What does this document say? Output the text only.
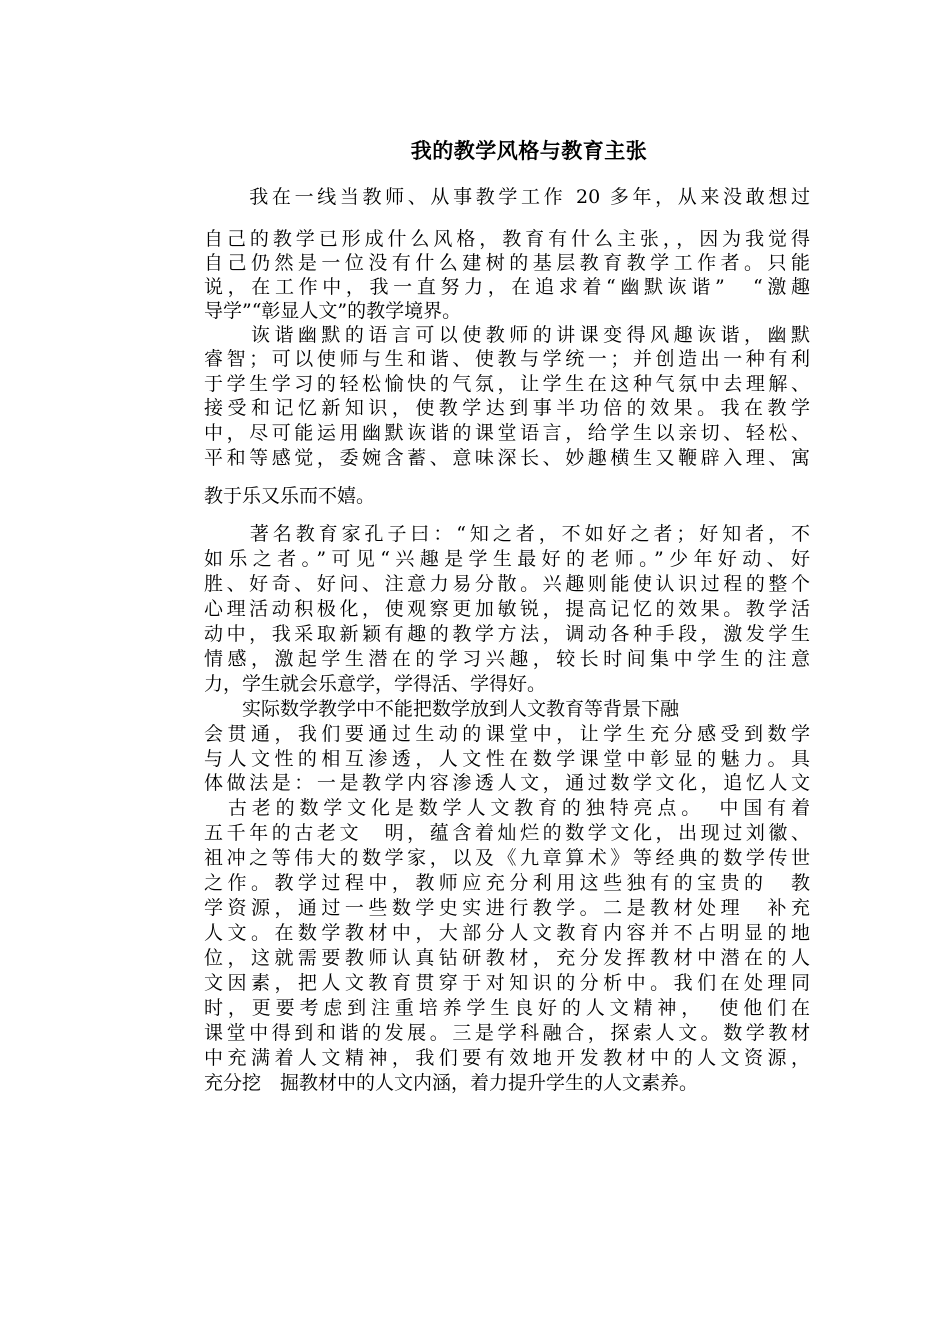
我的教学风格与教育主张
　　我在一线当教师、从事教学工作 20 多年，从来没敢想过
自己的教学已形成什么风格，教育有什么主张，，因为我觉得
自己仍然是一位没有什么建树的基层教育教学工作者。只能
说，在工作中，我一直努力，在追求着“幽默诙谐”　“激趣
导学”“彰显人文”的教学境界。
　　诙谐幽默的语言可以使教师的讲课变得风趣诙谐，幽默
睿智；可以使师与生和谐、使教与学统一；并创造出一种有利
于学生学习的轻松愉快的气氛，让学生在这种气氛中去理解、
接受和记忆新知识，使教学达到事半功倍的效果。我在教学
中，尽可能运用幽默诙谐的课堂语言，给学生以亲切、轻松、
平和等感觉，委婉含蓄、意味深长、妙趣横生又鞭辟入理、寓
教于乐又乐而不嬉。
　　著名教育家孔子曰：“知之者，不如好之者；好知者，不
如乐之者。”可见“兴趣是学生最好的老师。”少年好动、好
胜、好奇、好问、注意力易分散。兴趣则能使认识过程的整个
心理活动积极化，使观察更加敏锐，提高记忆的效果。教学活
动中，我采取新颖有趣的教学方法，调动各种手段，激发学生
情感，激起学生潜在的学习兴趣，较长时间集中学生的注意
力，学生就会乐意学，学得活、学得好。
　　实际数学教学中不能把数学放到人文教育等背景下融
会贯通，我们要通过生动的课堂中，让学生充分感受到数学
与人文性的相互渗透，人文性在数学课堂中彰显的魅力。具
体做法是：一是教学内容渗透人文，通过数学文化，追忆人文
　古老的数学文化是数学人文教育的独特亮点。　中国有着
五千年的古老文　明，蕴含着灿烂的数学文化，出现过刘徽、
祖冲之等伟大的数学家，以及《九章算术》等经典的数学传世
之作。教学过程中，教师应充分利用这些独有的宝贵的　教
学资源，通过一些数学史实进行教学。二是教材处理　补充
人文。在数学教材中，大部分人文教育内容并不占明显的地
位，这就需要教师认真钻研教材，充分发挥教材中潜在的人
文因素，把人文教育贯穿于对知识的分析中。我们在处理同
时，更要考虑到注重培养学生良好的人文精神，　使他们在
课堂中得到和谐的发展。三是学科融合，探索人文。数学教材
中充满着人文精神，我们要有效地开发教材中的人文资源，
充分挖　掘教材中的人文内涵，着力提升学生的人文素养。
